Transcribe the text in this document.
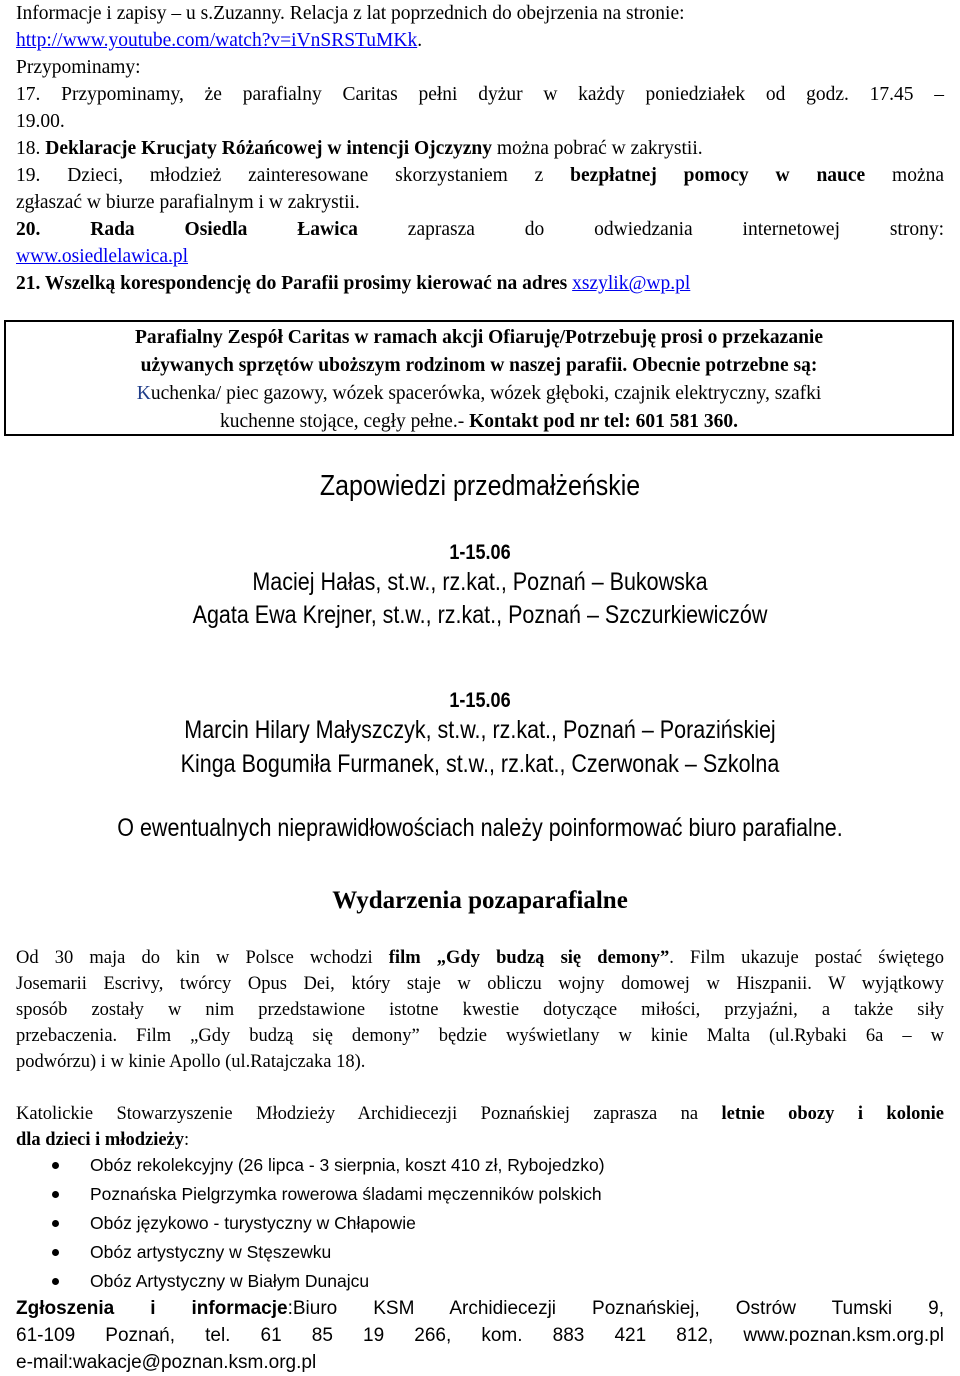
Informacje i zapisy – u s.Zuzanny. Relacja z lat poprzednich do obejrzenia na stronie:

http://www.youtube.com/watch?v=iVnSRSTuMKk.

Przypominamy:

17. Przypominamy, że parafialny Caritas pełni dyżur w każdy poniedziałek od godz. 17.45 –

19.00.

18. Deklaracje Krucjaty Różańcowej w intencji Ojczyzny można pobrać w zakrystii.

19. Dzieci, młodzież zainteresowane skorzystaniem z bezpłatnej pomocy w nauce można

zgłaszać w biurze parafialnym i w zakrystii.

20. Rada Osiedla Ławica zaprasza do odwiedzania internetowej strony:

www.osiedlelawica.pl

21. Wszelką korespondencję do Parafii prosimy kierować na adres xszylik@wp.pl

Parafialny Zespół Caritas w ramach akcji Ofiaruję/Potrzebuję prosi o przekazanie

używanych sprzętów uboższym rodzinom w naszej parafii. Obecnie potrzebne są:

Kuchenka/ piec gazowy, wózek spacerówka, wózek głęboki, czajnik elektryczny, szafki

kuchenne stojące, cegły pełne.- Kontakt pod nr tel: 601 581 360.

Zapowiedzi przedmałżeńskie
1-15.06
Maciej Hałas, st.w., rz.kat., Poznań – Bukowska
Agata Ewa Krejner, st.w., rz.kat., Poznań – Szczurkiewiczów
1-15.06
Marcin Hilary Małyszczyk, st.w., rz.kat., Poznań – Porazińskiej
Kinga Bogumiła Furmanek, st.w., rz.kat., Czerwonak – Szkolna
O ewentualnych nieprawidłowościach należy poinformować biuro parafialne.
Wydarzenia pozaparafialne

Od 30 maja do kin w Polsce wchodzi film „Gdy budzą się demony”. Film ukazuje postać świętego

Josemarii Escrivy, twórcy Opus Dei, który staje w obliczu wojny domowej w Hiszpanii. W wyjątkowy

sposób zostały w nim przedstawione istotne kwestie dotyczące miłości, przyjaźni, a także siły

przebaczenia. Film „Gdy budzą się demony” będzie wyświetlany w kinie Malta (ul.Rybaki 6a – w

podwórzu) i w kinie Apollo (ul.Ratajczaka 18).

Katolickie Stowarzyszenie Młodzieży Archidiecezji Poznańskiej zaprasza na letnie obozy i kolonie

dla dzieci i młodzieży:

Obóz rekolekcyjny (26 lipca - 3 sierpnia, koszt 410 zł, Rybojedzko)
Poznańska Pielgrzymka rowerowa śladami męczenników polskich
Obóz językowo - turystyczny w Chłapowie
Obóz artystyczny w Stęszewku
Obóz Artystyczny w Białym Dunajcu

Zgłoszenia i informacje:Biuro KSM Archidiecezji Poznańskiej, Ostrów Tumski 9,

61-109 Poznań, tel. 61 85 19 266, kom. 883 421 812, www.poznan.ksm.org.pl

e-mail:wakacje@poznan.ksm.org.pl
